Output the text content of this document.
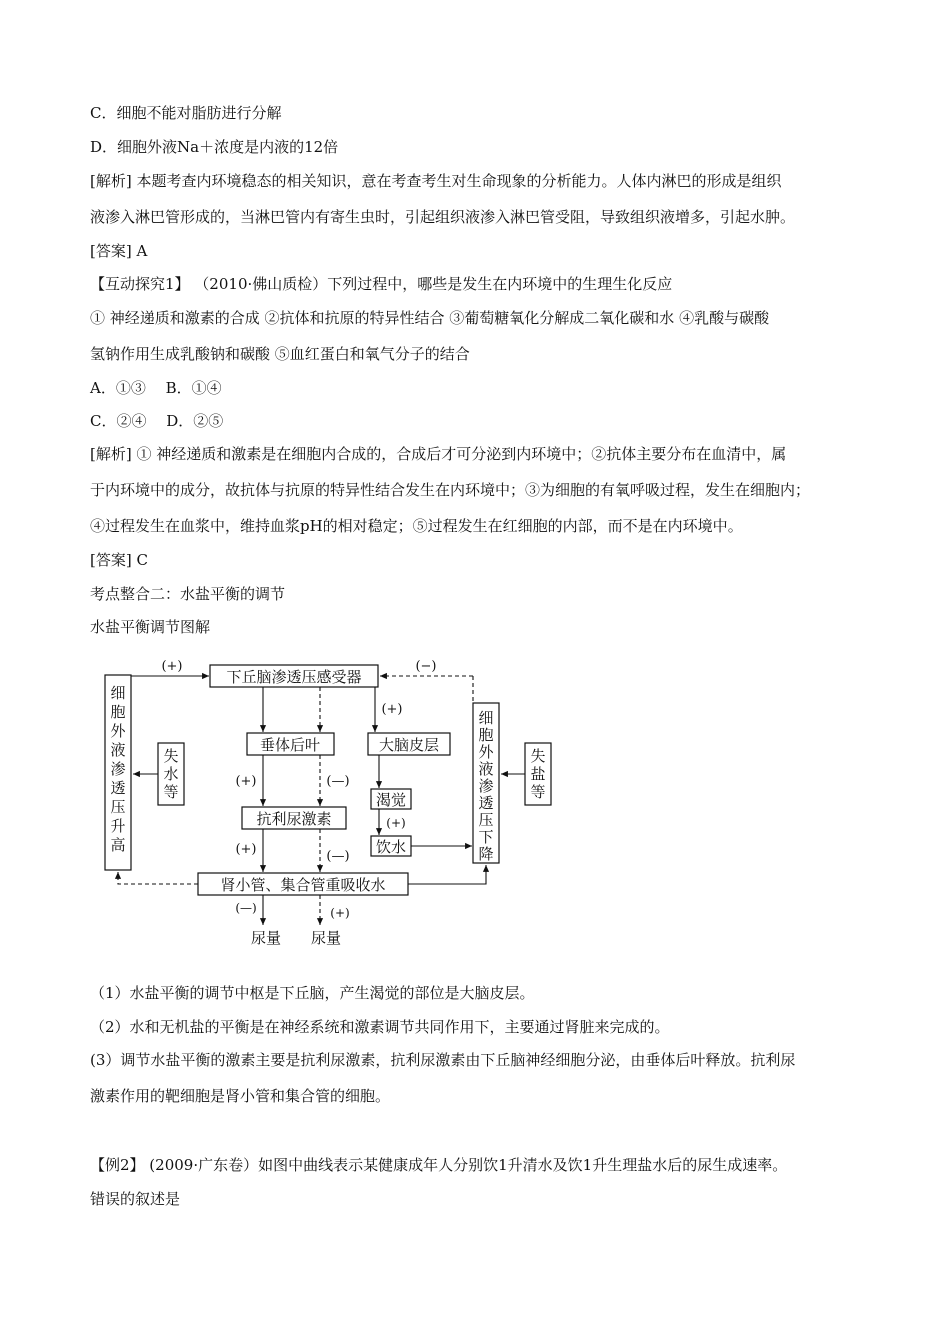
C．细胞不能对脂肪进行分解
D．细胞外液Na＋浓度是内液的12倍
[解析] 本题考查内环境稳态的相关知识，意在考查考生对生命现象的分析能力。人体内淋巴的形成是组织
液渗入淋巴管形成的，当淋巴管内有寄生虫时，引起组织液渗入淋巴管受阻，导致组织液增多，引起水肿。
[答案] A
【互动探究1】 （2010·佛山质检）下列过程中，哪些是发生在内环境中的生理生化反应
① 神经递质和激素的合成 ②抗体和抗原的特异性结合 ③葡萄糖氧化分解成二氧化碳和水 ④乳酸与碳酸
氢钠作用生成乳酸钠和碳酸 ⑤血红蛋白和氧气分子的结合
A．①③　 B．①④
C．②④　 D．②⑤
[解析] ① 神经递质和激素是在细胞内合成的，合成后才可分泌到内环境中；②抗体主要分布在血清中，属
于内环境中的成分，故抗体与抗原的特异性结合发生在内环境中；③为细胞的有氧呼吸过程，发生在细胞内；
④过程发生在血浆中，维持血浆pH的相对稳定；⑤过程发生在红细胞的内部，而不是在内环境中。
[答案] C
考点整合二：水盐平衡的调节
水盐平衡调节图解
细
胞
外
液
渗
透
压
升
高
失
水
等
下丘脑渗透压感受器
垂体后叶
抗利尿激素
大脑皮层
渴觉
饮水
肾小管、集合管重吸收水
细
胞
外
液
渗
透
压
下
降
失
盐
等
(+)	(−)
(+)
(+)	(—)
(+)	(—)
(+)
(—)	(+)
尿量 尿量
（1）水盐平衡的调节中枢是下丘脑，产生渴觉的部位是大脑皮层。
（2）水和无机盐的平衡是在神经系统和激素调节共同作用下，主要通过肾脏来完成的。
(3）调节水盐平衡的激素主要是抗利尿激素，抗利尿激素由下丘脑神经细胞分泌，由垂体后叶释放。抗利尿
激素作用的靶细胞是肾小管和集合管的细胞。
【例2】 (2009·广东卷）如图中曲线表示某健康成年人分别饮1升清水及饮1升生理盐水后的尿生成速率。
错误的叙述是
